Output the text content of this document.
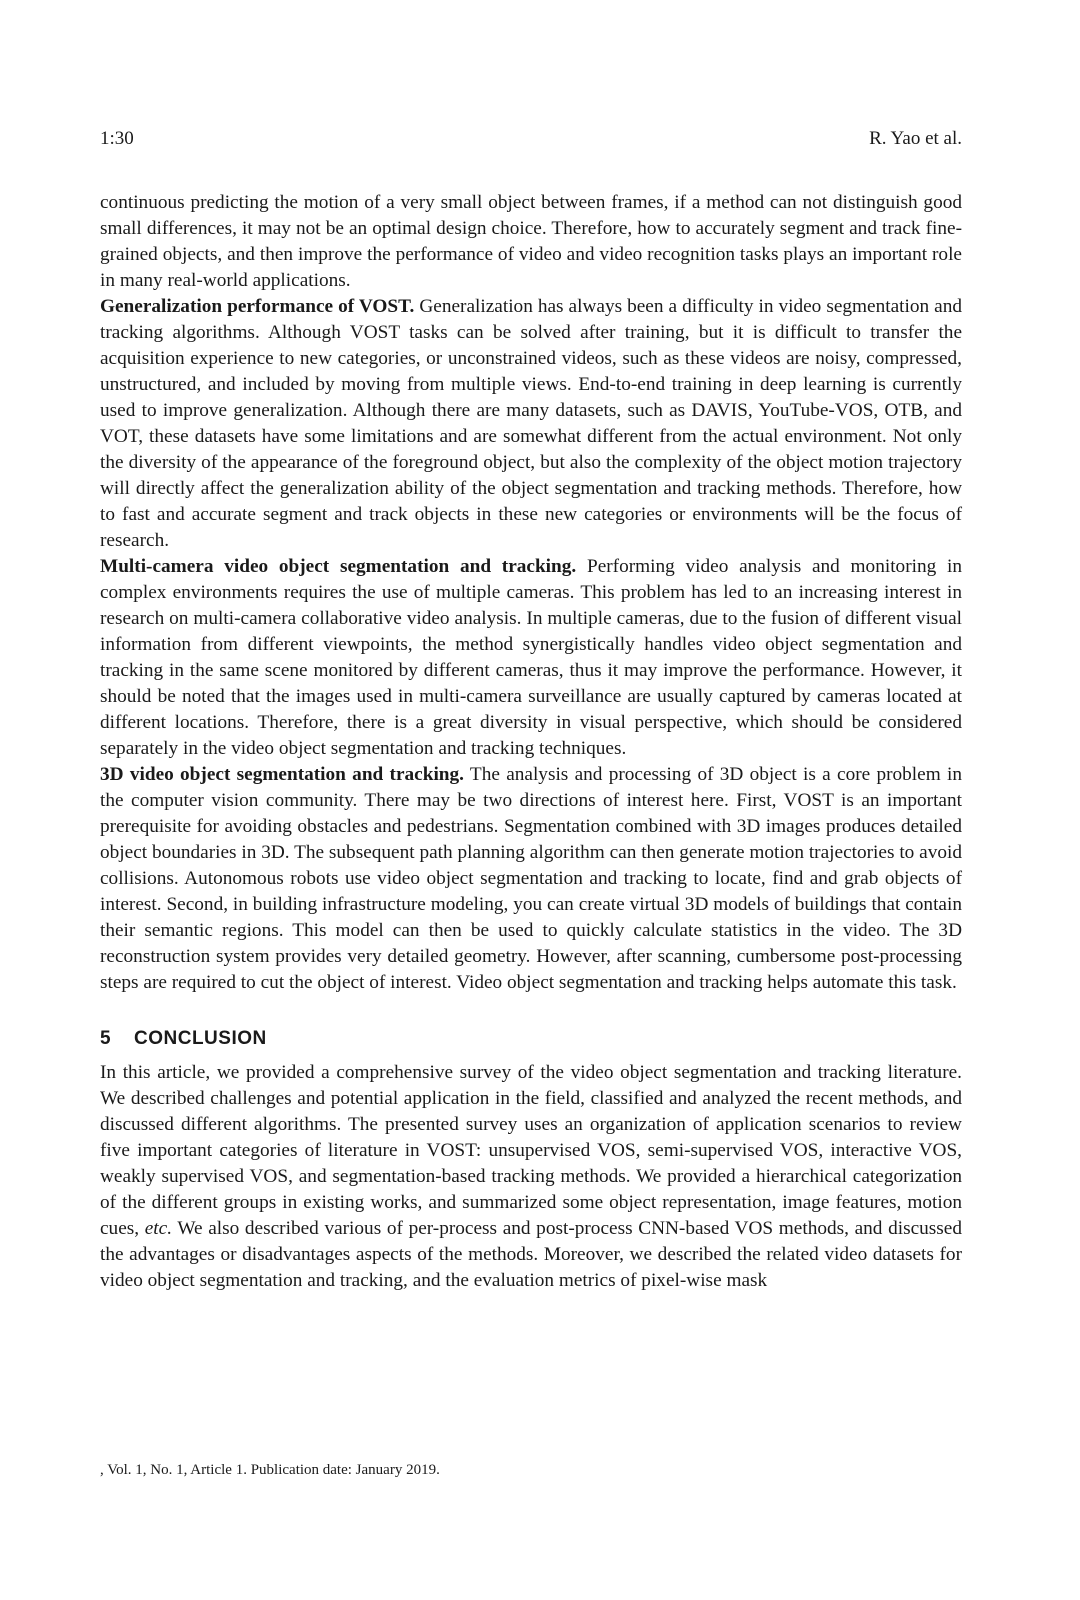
1:30	R. Yao et al.

continuous predicting the motion of a very small object between frames, if a method can not distinguish good small differences, it may not be an optimal design choice. Therefore, how to accurately segment and track fine-grained objects, and then improve the performance of video and video recognition tasks plays an important role in many real-world applications.

Generalization performance of VOST. Generalization has always been a difficulty in video segmentation and tracking algorithms. Although VOST tasks can be solved after training, but it is difficult to transfer the acquisition experience to new categories, or unconstrained videos, such as these videos are noisy, compressed, unstructured, and included by moving from multiple views. End-to-end training in deep learning is currently used to improve generalization. Although there are many datasets, such as DAVIS, YouTube-VOS, OTB, and VOT, these datasets have some limitations and are somewhat different from the actual environment. Not only the diversity of the appearance of the foreground object, but also the complexity of the object motion trajectory will directly affect the generalization ability of the object segmentation and tracking methods. Therefore, how to fast and accurate segment and track objects in these new categories or environments will be the focus of research.

Multi-camera video object segmentation and tracking. Performing video analysis and monitoring in complex environments requires the use of multiple cameras. This problem has led to an increasing interest in research on multi-camera collaborative video analysis. In multiple cameras, due to the fusion of different visual information from different viewpoints, the method synergistically handles video object segmentation and tracking in the same scene monitored by different cameras, thus it may improve the performance. However, it should be noted that the images used in multi-camera surveillance are usually captured by cameras located at different locations. Therefore, there is a great diversity in visual perspective, which should be considered separately in the video object segmentation and tracking techniques.

3D video object segmentation and tracking. The analysis and processing of 3D object is a core problem in the computer vision community. There may be two directions of interest here. First, VOST is an important prerequisite for avoiding obstacles and pedestrians. Segmentation combined with 3D images produces detailed object boundaries in 3D. The subsequent path planning algorithm can then generate motion trajectories to avoid collisions. Autonomous robots use video object segmentation and tracking to locate, find and grab objects of interest. Second, in building infrastructure modeling, you can create virtual 3D models of buildings that contain their semantic regions. This model can then be used to quickly calculate statistics in the video. The 3D reconstruction system provides very detailed geometry. However, after scanning, cumbersome post-processing steps are required to cut the object of interest. Video object segmentation and tracking helps automate this task.

5 CONCLUSION

In this article, we provided a comprehensive survey of the video object segmentation and tracking literature. We described challenges and potential application in the field, classified and analyzed the recent methods, and discussed different algorithms. The presented survey uses an organization of application scenarios to review five important categories of literature in VOST: unsupervised VOS, semi-supervised VOS, interactive VOS, weakly supervised VOS, and segmentation-based tracking methods. We provided a hierarchical categorization of the different groups in existing works, and summarized some object representation, image features, motion cues, etc. We also described various of per-process and post-process CNN-based VOS methods, and discussed the advantages or disadvantages aspects of the methods. Moreover, we described the related video datasets for video object segmentation and tracking, and the evaluation metrics of pixel-wise mask

, Vol. 1, No. 1, Article 1. Publication date: January 2019.
